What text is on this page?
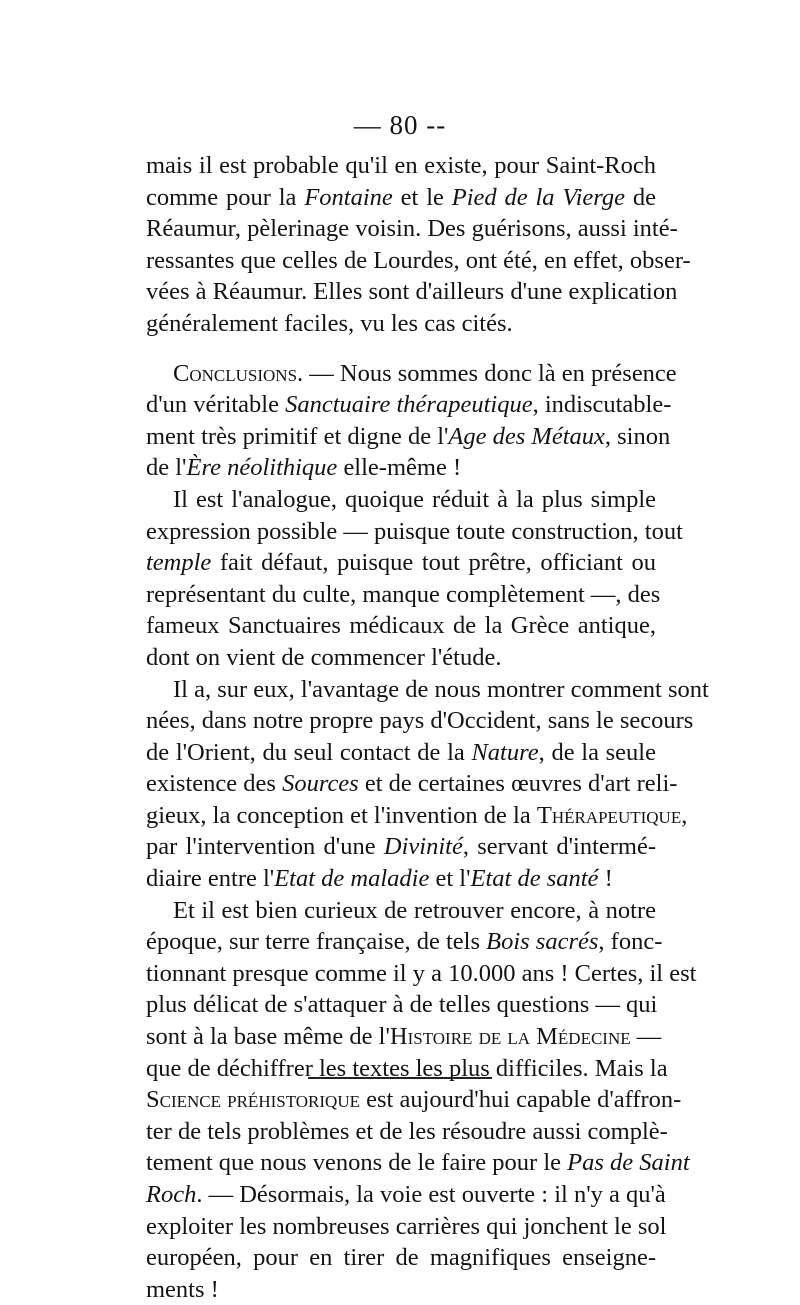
— 80 --
mais il est probable qu'il en existe, pour Saint-Roch
comme pour la Fontaine et le Pied de la Vierge de
Réaumur, pèlerinage voisin. Des guérisons, aussi inté-
ressantes que celles de Lourdes, ont été, en effet, obser-
vées à Réaumur. Elles sont d'ailleurs d'une explication
généralement faciles, vu les cas cités.
Conclusions. — Nous sommes donc là en présence
d'un véritable Sanctuaire thérapeutique, indiscutable-
ment très primitif et digne de l'Age des Métaux, sinon
de l'Ère néolithique elle-même !
Il est l'analogue, quoique réduit à la plus simple
expression possible — puisque toute construction, tout
temple fait défaut, puisque tout prêtre, officiant ou
représentant du culte, manque complètement —, des
fameux Sanctuaires médicaux de la Grèce antique,
dont on vient de commencer l'étude.
Il a, sur eux, l'avantage de nous montrer comment sont
nées, dans notre propre pays d'Occident, sans le secours
de l'Orient, du seul contact de la Nature, de la seule
existence des Sources et de certaines œuvres d'art reli-
gieux, la conception et l'invention de la Thérapeutique,
par l'intervention d'une Divinité, servant d'intermé-
diaire entre l'Etat de maladie et l'Etat de santé !
Et il est bien curieux de retrouver encore, à notre
époque, sur terre française, de tels Bois sacrés, fonc-
tionnant presque comme il y a 10.000 ans ! Certes, il est
plus délicat de s'attaquer à de telles questions — qui
sont à la base même de l'Histoire de la Médecine —
que de déchiffrer les textes les plus difficiles. Mais la
Science préhistorique est aujourd'hui capable d'affron-
ter de tels problèmes et de les résoudre aussi complè-
tement que nous venons de le faire pour le Pas de Saint
Roch. — Désormais, la voie est ouverte : il n'y a qu'à
exploiter les nombreuses carrières qui jonchent le sol
européen, pour en tirer de magnifiques enseigne-
ments !
